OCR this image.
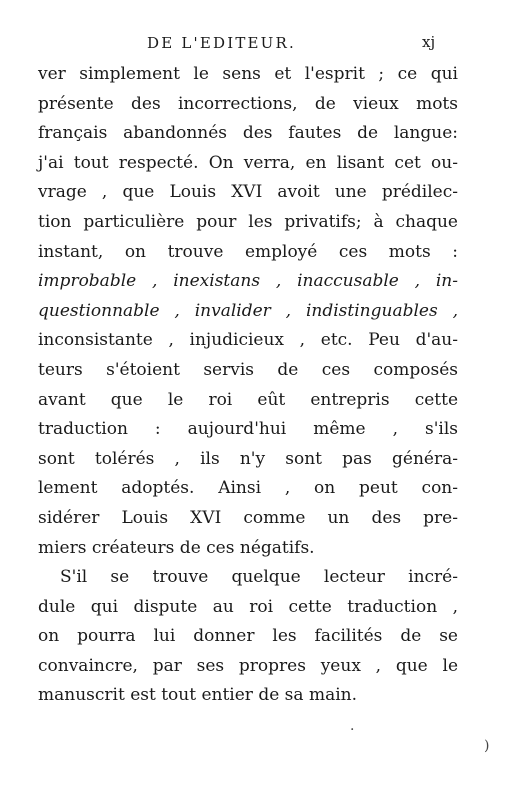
DE L'EDITEUR.	xj
ver simplement le sens et l'esprit ; ce qui
présente des incorrections, de vieux mots
français abandonnés des fautes de langue:
j'ai tout respecté. On verra, en lisant cet ou-
vrage , que Louis XVI avoit une prédilec-
tion particulière pour les privatifs; à chaque
instant, on trouve employé ces mots :
improbable , inexistans , inaccusable , in-
questionnable , invalider , indistinguables ,
inconsistante , injudicieux , etc. Peu d'au-
teurs s'étoient servis de ces composés
avant que le roi eût entrepris cette
traduction : aujourd'hui même , s'ils
sont tolérés , ils n'y sont pas généra-
lement adoptés. Ainsi , on peut con-
sidérer Louis XVI comme un des pre-
miers créateurs de ces négatifs.
S'il se trouve quelque lecteur incré-
dule qui dispute au roi cette traduction ,
on pourra lui donner les facilités de se
convaincre, par ses propres yeux , que le
manuscrit est tout entier de sa main.
·
)
